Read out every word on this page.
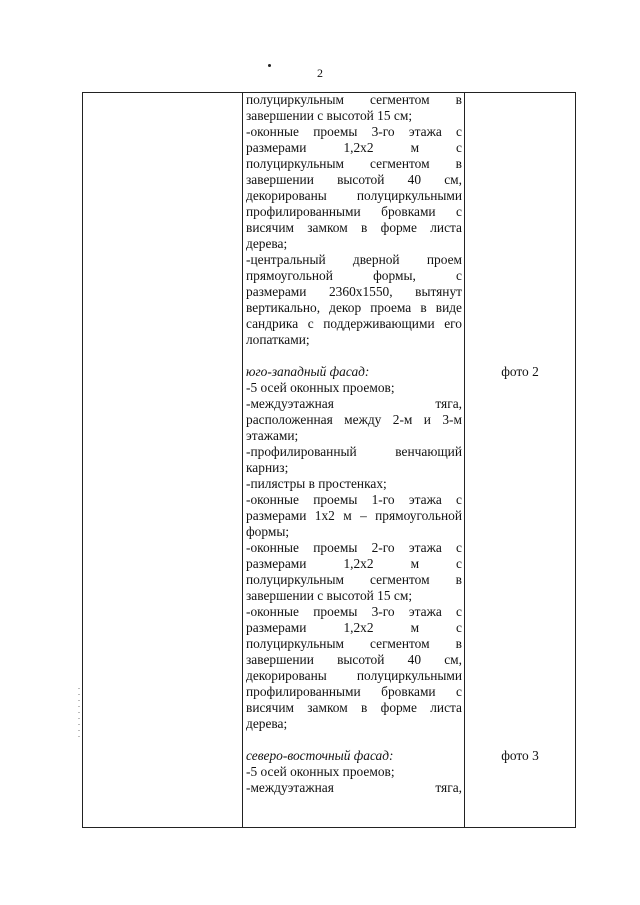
2

полуциркульным сегментом в

завершении с высотой 15 см;

-оконные проемы 3-го этажа с

размерами 1,2х2 м с

полуциркульным сегментом в

завершении высотой 40 см,

декорированы полуциркульными

профилированными бровками с

висячим замком в форме листа

дерева;

-центральный дверной проем

прямоугольной формы, с

размерами 2360х1550, вытянут

вертикально, декор проема в виде

сандрика с поддерживающими его

лопатками;

юго-западный фасад:

-5 осей оконных проемов;

-междуэтажная тяга,

расположенная между 2-м и 3-м

этажами;

-профилированный венчающий

карниз;

-пилястры в простенках;

-оконные проемы 1-го этажа с

размерами 1х2 м – прямоугольной

формы;

-оконные проемы 2-го этажа с

размерами 1,2х2 м с

полуциркульным сегментом в

завершении с высотой 15 см;

-оконные проемы 3-го этажа с

размерами 1,2х2 м с

полуциркульным сегментом в

завершении высотой 40 см,

декорированы полуциркульными

профилированными бровками с

висячим замком в форме листа

дерева;

северо-восточный фасад:

-5 осей оконных проемов;

-междуэтажная тяга,

фото 2
фото 3
